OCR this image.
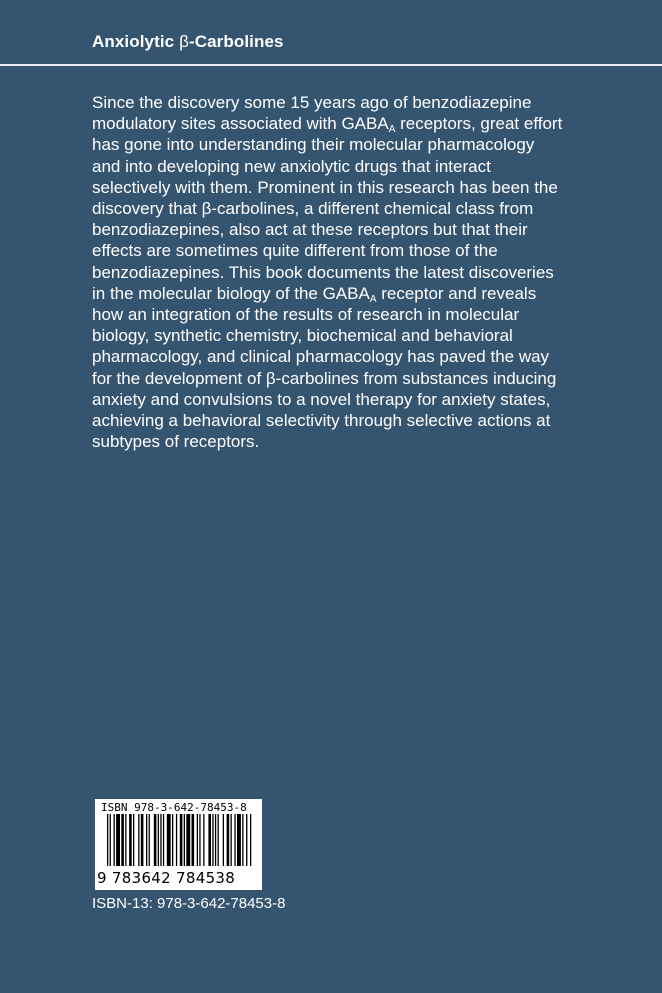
Anxiolytic β-Carbolines
Since the discovery some 15 years ago of benzodiazepine
modulatory sites associated with $GABA_A$ receptors, great effort
has gone into understanding their molecular pharmacology
and into developing new anxiolytic drugs that interact
selectively with them. Prominent in this research has been the
discovery that β-carbolines, a different chemical class from
benzodiazepines, also act at these receptors but that their
effects are sometimes quite different from those of the
benzodiazepines. This book documents the latest discoveries
in the molecular biology of the $GABA_A$ receptor and reveals
how an integration of the results of research in molecular
biology, synthetic chemistry, biochemical and behavioral
pharmacology, and clinical pharmacology has paved the way
for the development of β-carbolines from substances inducing
anxiety and convulsions to a novel therapy for anxiety states,
achieving a behavioral selectivity through selective actions at
subtypes of receptors.
ISBN 978-3-642-78453-8
9 783642 784538
ISBN-13: 978-3-642-78453-8
